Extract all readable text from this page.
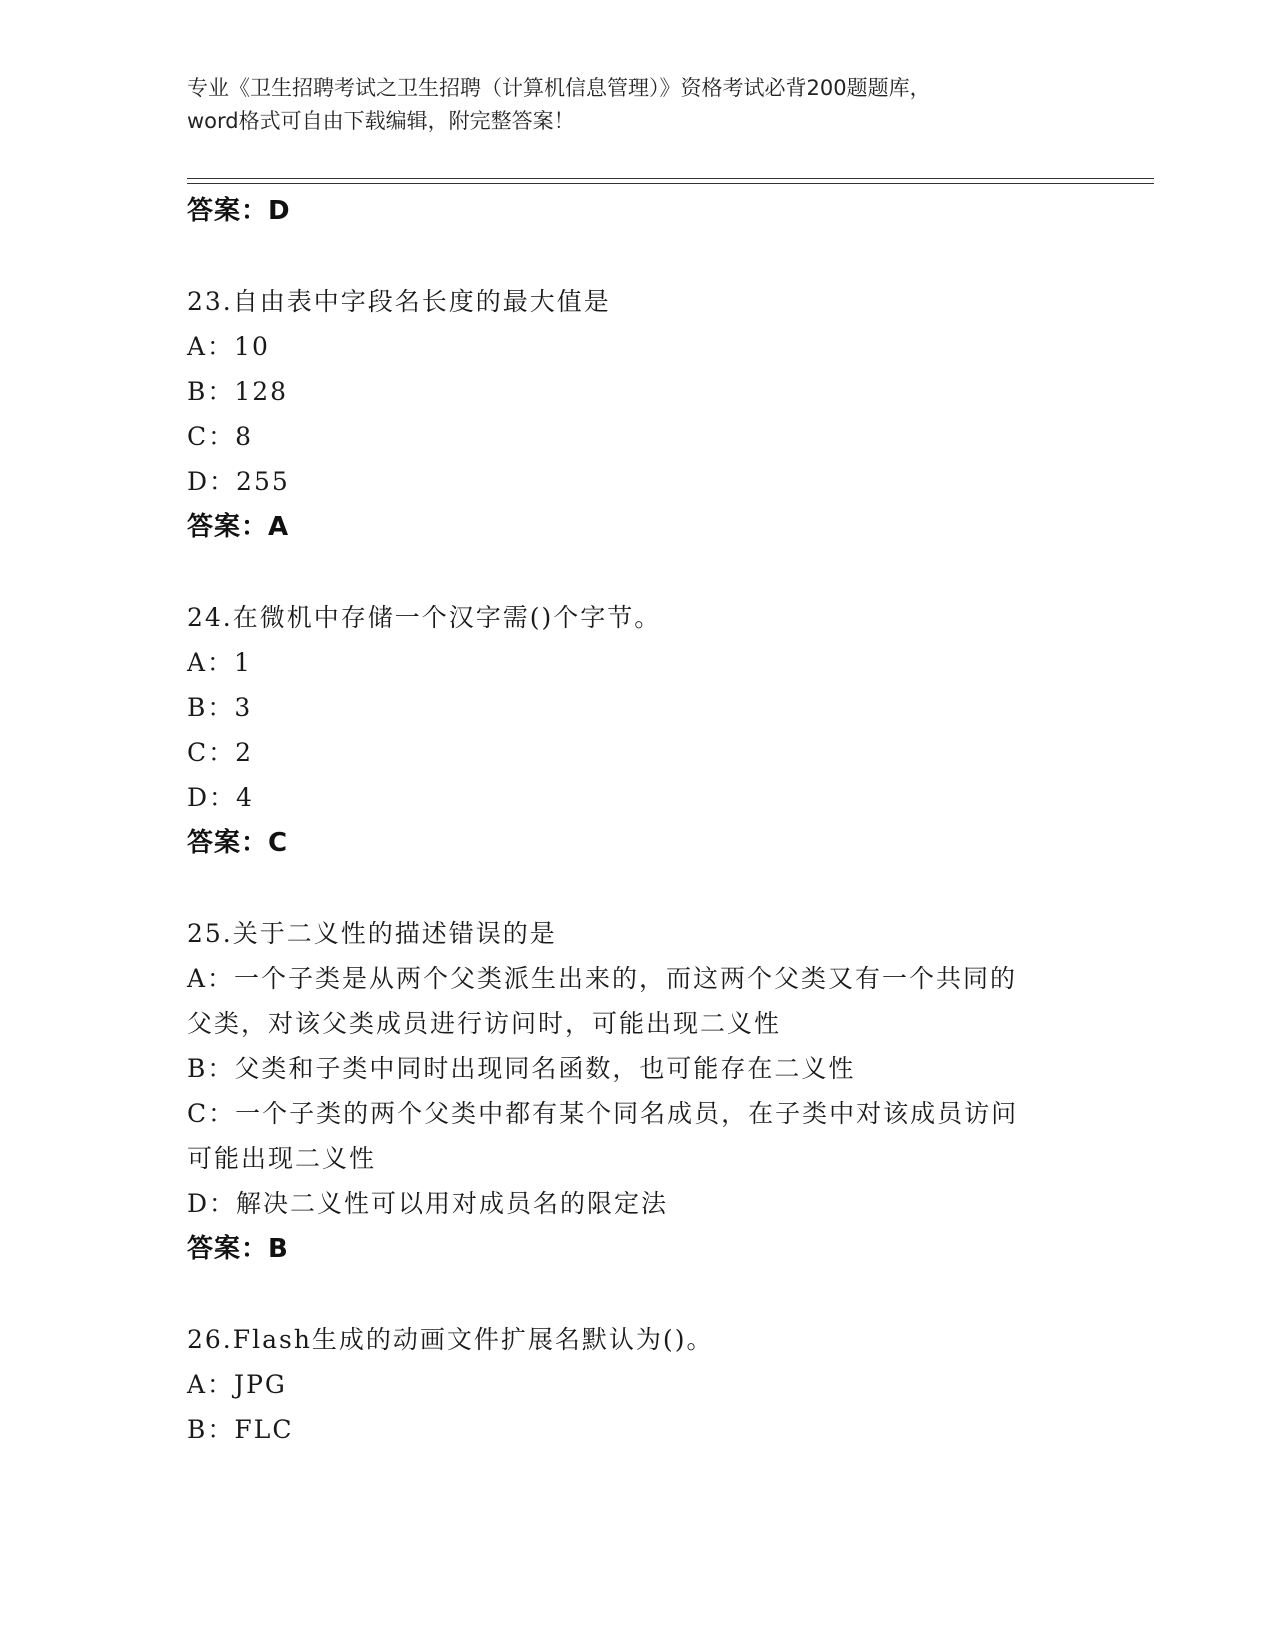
专业《卫生招聘考试之卫生招聘（计算机信息管理）》资格考试必背200题题库，
word格式可自由下载编辑，附完整答案！
答案：D
23.自由表中字段名长度的最大值是
A：10
B：128
C：8
D：255
答案：A
24.在微机中存储一个汉字需()个字节。
A：1
B：3
C：2
D：4
答案：C
25.关于二义性的描述错误的是
A：一个子类是从两个父类派生出来的，而这两个父类又有一个共同的
父类，对该父类成员进行访问时，可能出现二义性
B：父类和子类中同时出现同名函数，也可能存在二义性
C：一个子类的两个父类中都有某个同名成员，在子类中对该成员访问
可能出现二义性
D：解决二义性可以用对成员名的限定法
答案：B
26.Flash生成的动画文件扩展名默认为()。
A：JPG
B：FLC
